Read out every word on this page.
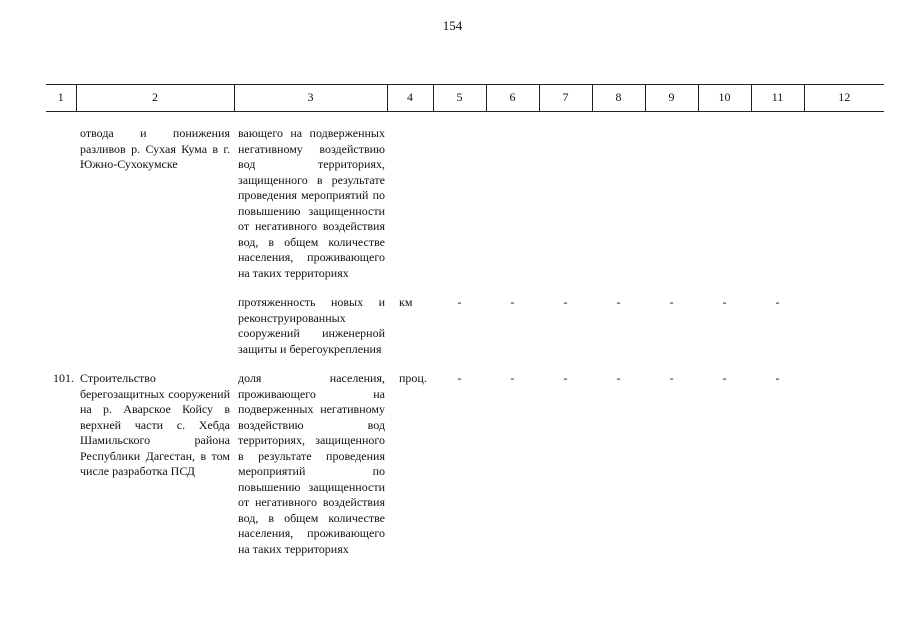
154
1	2	3	4	5	6	7	8	9	10	11	12

	отвода и понижения разливов р. Сухая Кума в г. Южно-Сухокумске	вающего на подверженных негативному воздействию вод территориях, защищенного в результате проведения мероприятий по повышению защищенности от негативного воздействия вод, в общем количестве населения, проживающего на таких территориях									

		протяженность новых и реконструированных сооружений инженерной защиты и берегоукрепления	км	-	-	-	-	-	-	-	

101.	Строительство берегозащитных сооружений на р. Аварское Койсу в верхней части с. Хебда Шамильского района Республики Дагестан, в том числе разработка ПСД	доля населения, проживающего на подверженных негативному воздействию вод территориях, защищенного в результате проведения мероприятий по повышению защищенности от негативного воздействия вод, в общем количестве населения, проживающего на таких территориях	проц.	-	-	-	-	-	-	-	
